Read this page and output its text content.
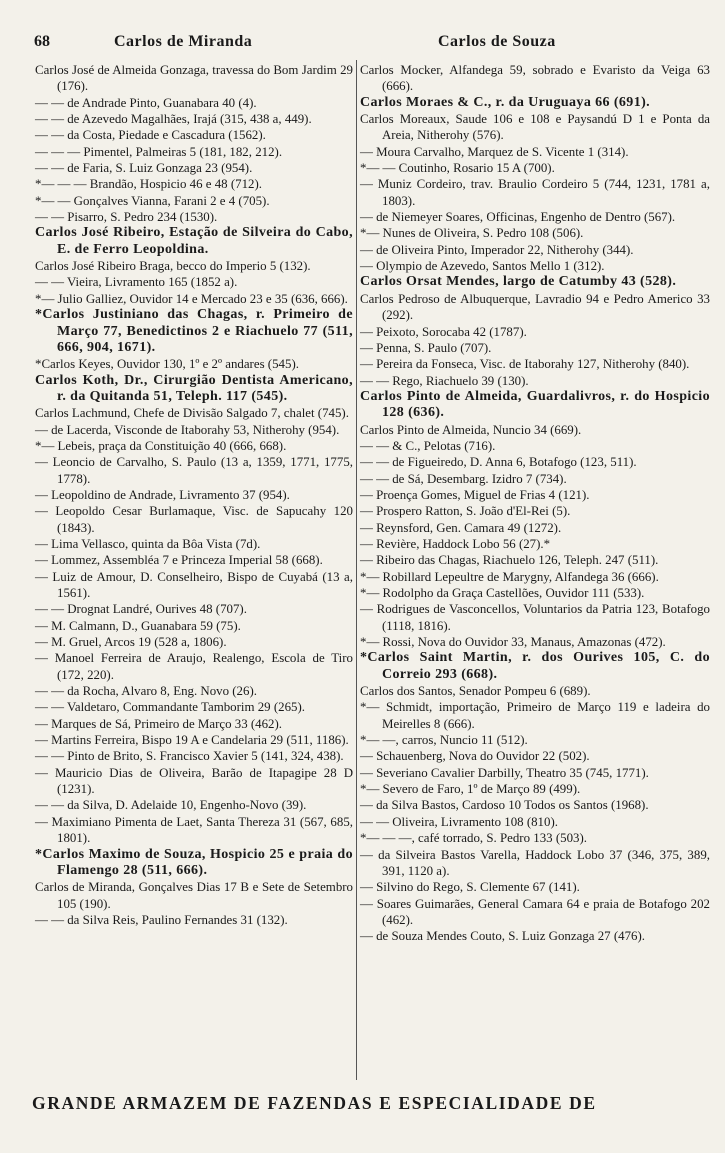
68	Carlos de Miranda	Carlos de Souza
Carlos José de Almeida Gonzaga, travessa do Bom Jardim 29 (176).
— — de Andrade Pinto, Guanabara 40 (4).
— — de Azevedo Magalhães, Irajá (315, 438 a, 449).
— — da Costa, Piedade e Cascadura (1562).
— — — Pimentel, Palmeiras 5 (181, 182, 212).
— — de Faria, S. Luiz Gonzaga 23 (954).
*— — — Brandão, Hospicio 46 e 48 (712).
*— — Gonçalves Vianna, Farani 2 e 4 (705).
— — Pisarro, S. Pedro 234 (1530).
Carlos José Ribeiro, Estação de Silveira do Cabo, E. de Ferro Leopoldina.
Carlos José Ribeiro Braga, becco do Imperio 5 (132).
— — Vieira, Livramento 165 (1852 a).
*— Julio Galliez, Ouvidor 14 e Mercado 23 e 35 (636, 666).
*Carlos Justiniano das Chagas, r. Primeiro de Março 77, Benedictinos 2 e Riachuelo 77 (511, 666, 904, 1671).
*Carlos Keyes, Ouvidor 130, 1º e 2º andares (545).
Carlos Koth, Dr., Cirurgião Dentista Americano, r. da Quitanda 51, Teleph. 117 (545).
Carlos Lachmund, Chefe de Divisão Salgado 7, chalet (745).
— de Lacerda, Visconde de Itaborahy 53, Nitherohy (954).
*— Lebeis, praça da Constituição 40 (666, 668).
— Leoncio de Carvalho, S. Paulo (13 a, 1359, 1771, 1775, 1778).
— Leopoldino de Andrade, Livramento 37 (954).
— Leopoldo Cesar Burlamaque, Visc. de Sapucahy 120 (1843).
— Lima Vellasco, quinta da Bôa Vista (7d).
— Lommez, Assembléa 7 e Princeza Imperial 58 (668).
— Luiz de Amour, D. Conselheiro, Bispo de Cuyabá (13 a, 1561).
— — Drognat Landré, Ourives 48 (707).
— M. Calmann, D., Guanabara 59 (75).
— M. Gruel, Arcos 19 (528 a, 1806).
— Manoel Ferreira de Araujo, Realengo, Escola de Tiro (172, 220).
— — da Rocha, Alvaro 8, Eng. Novo (26).
— — Valdetaro, Commandante Tamborim 29 (265).
— Marques de Sá, Primeiro de Março 33 (462).
— Martins Ferreira, Bispo 19 A e Candelaria 29 (511, 1186).
— — Pinto de Brito, S. Francisco Xavier 5 (141, 324, 438).
— Mauricio Dias de Oliveira, Barão de Itapagipe 28 D (1231).
— — da Silva, D. Adelaide 10, Engenho-Novo (39).
— Maximiano Pimenta de Laet, Santa Thereza 31 (567, 685, 1801).
*Carlos Maximo de Souza, Hospicio 25 e praia do Flamengo 28 (511, 666).
Carlos de Miranda, Gonçalves Dias 17 B e Sete de Setembro 105 (190).
— — da Silva Reis, Paulino Fernandes 31 (132).
Carlos Mocker, Alfandega 59, sobrado e Evaristo da Veiga 63 (666).
Carlos Moraes & C., r. da Uruguaya 66 (691).
Carlos Moreaux, Saude 106 e 108 e Paysandú D 1 e Ponta da Areia, Nitherohy (576).
— Moura Carvalho, Marquez de S. Vicente 1 (314).
*— — Coutinho, Rosario 15 A (700).
— Muniz Cordeiro, trav. Braulio Cordeiro 5 (744, 1231, 1781 a, 1803).
— de Niemeyer Soares, Officinas, Engenho de Dentro (567).
*— Nunes de Oliveira, S. Pedro 108 (506).
— de Oliveira Pinto, Imperador 22, Nitherohy (344).
— Olympio de Azevedo, Santos Mello 1 (312).
Carlos Orsat Mendes, largo de Catumby 43 (528).
Carlos Pedroso de Albuquerque, Lavradio 94 e Pedro Americo 33 (292).
— Peixoto, Sorocaba 42 (1787).
— Penna, S. Paulo (707).
— Pereira da Fonseca, Visc. de Itaborahy 127, Nitherohy (840).
— — Rego, Riachuelo 39 (130).
Carlos Pinto de Almeida, Guardalivros, r. do Hospicio 128 (636).
Carlos Pinto de Almeida, Nuncio 34 (669).
— — & C., Pelotas (716).
— — de Figueiredo, D. Anna 6, Botafogo (123, 511).
— — de Sá, Desembarg. Izidro 7 (734).
— Proença Gomes, Miguel de Frias 4 (121).
— Prospero Ratton, S. João d'El-Rei (5).
— Reynsford, Gen. Camara 49 (1272).
— Revière, Haddock Lobo 56 (27).*
— Ribeiro das Chagas, Riachuelo 126, Teleph. 247 (511).
*— Robillard Lepeultre de Marygny, Alfandega 36 (666).
*— Rodolpho da Graça Castellões, Ouvidor 111 (533).
— Rodrigues de Vasconcellos, Voluntarios da Patria 123, Botafogo (1118, 1816).
*— Rossi, Nova do Ouvidor 33, Manaus, Amazonas (472).
*Carlos Saint Martin, r. dos Ourives 105, C. do Correio 293 (668).
Carlos dos Santos, Senador Pompeu 6 (689).
*— Schmidt, importação, Primeiro de Março 119 e ladeira do Meirelles 8 (666).
*— —, carros, Nuncio 11 (512).
— Schauenberg, Nova do Ouvidor 22 (502).
— Severiano Cavalier Darbilly, Theatro 35 (745, 1771).
*— Severo de Faro, 1º de Março 89 (499).
— da Silva Bastos, Cardoso 10 Todos os Santos (1968).
— — Oliveira, Livramento 108 (810).
*— — —, café torrado, S. Pedro 133 (503).
— da Silveira Bastos Varella, Haddock Lobo 37 (346, 375, 389, 391, 1120 a).
— Silvino do Rego, S. Clemente 67 (141).
— Soares Guimarães, General Camara 64 e praia de Botafogo 202 (462).
— de Souza Mendes Couto, S. Luiz Gonzaga 27 (476).
GRANDE ARMAZEM DE FAZENDAS E ESPECIALIDADE DE
